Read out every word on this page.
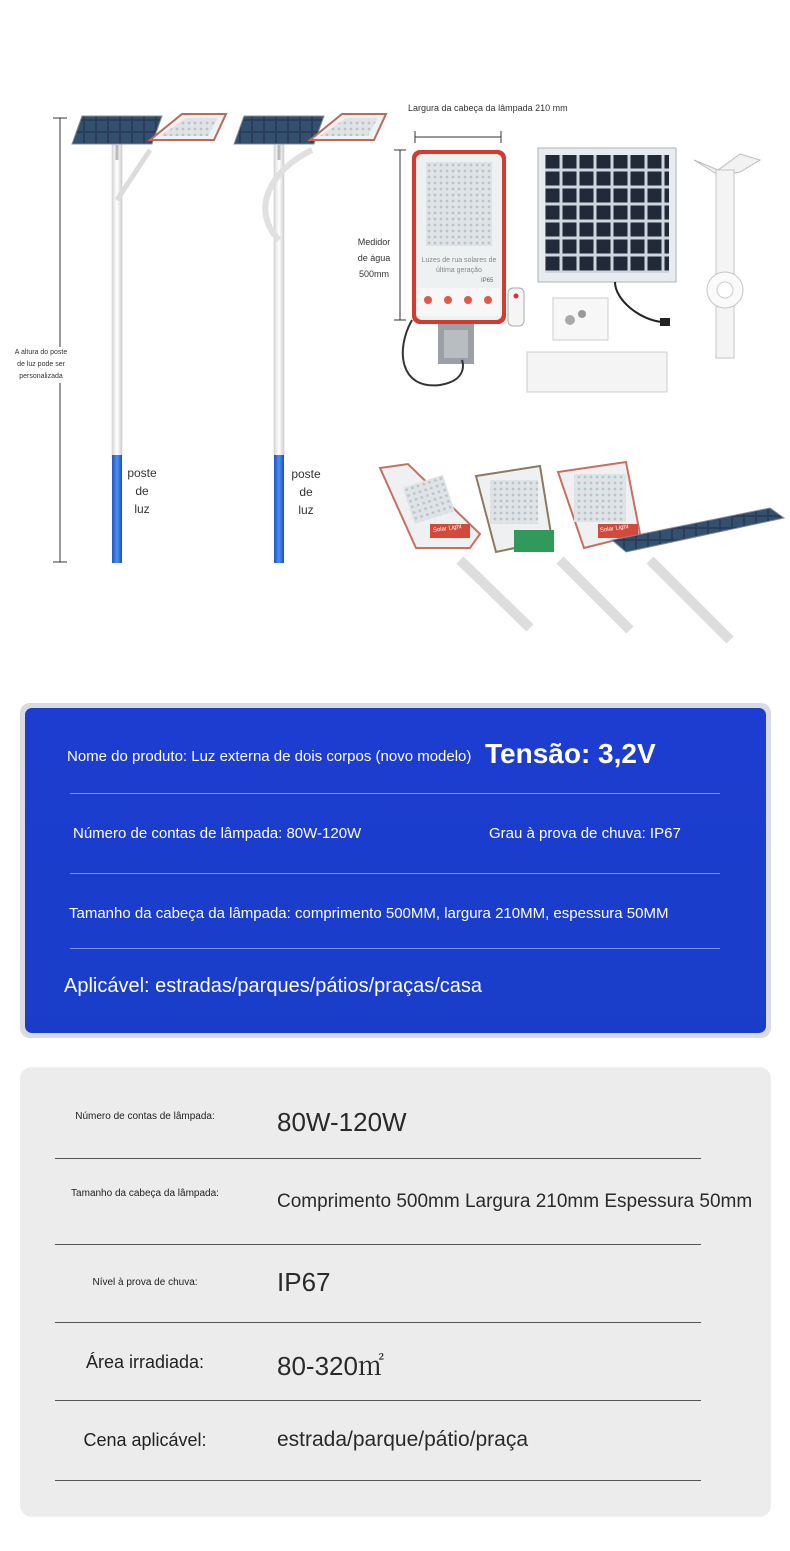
A altura do poste de luz pode ser personalizada
poste
de
luz
poste
de
luz
Largura da cabeça da lâmpada 210 mm
Medidor
de água
500mm
Luzes de rua solares de última geração
IP65
Solar Light	Solar Light
Nome do produto: Luz externa de dois corpos (novo modelo) Tensão: 3,2V
Número de contas de lâmpada: 80W-120W	Grau à prova de chuva: IP67
Tamanho da cabeça da lâmpada: comprimento 500MM, largura 210MM, espessura 50MM
Aplicável: estradas/parques/pátios/praças/casa
Número de contas de lâmpada: 80W-120W
Tamanho da cabeça da lâmpada:	Comprimento 500mm Largura 210mm Espessura 50mm
Nível à prova de chuva:	IP67
Área irradiada:	80-320㎡
Cena aplicável:	estrada/parque/pátio/praça
